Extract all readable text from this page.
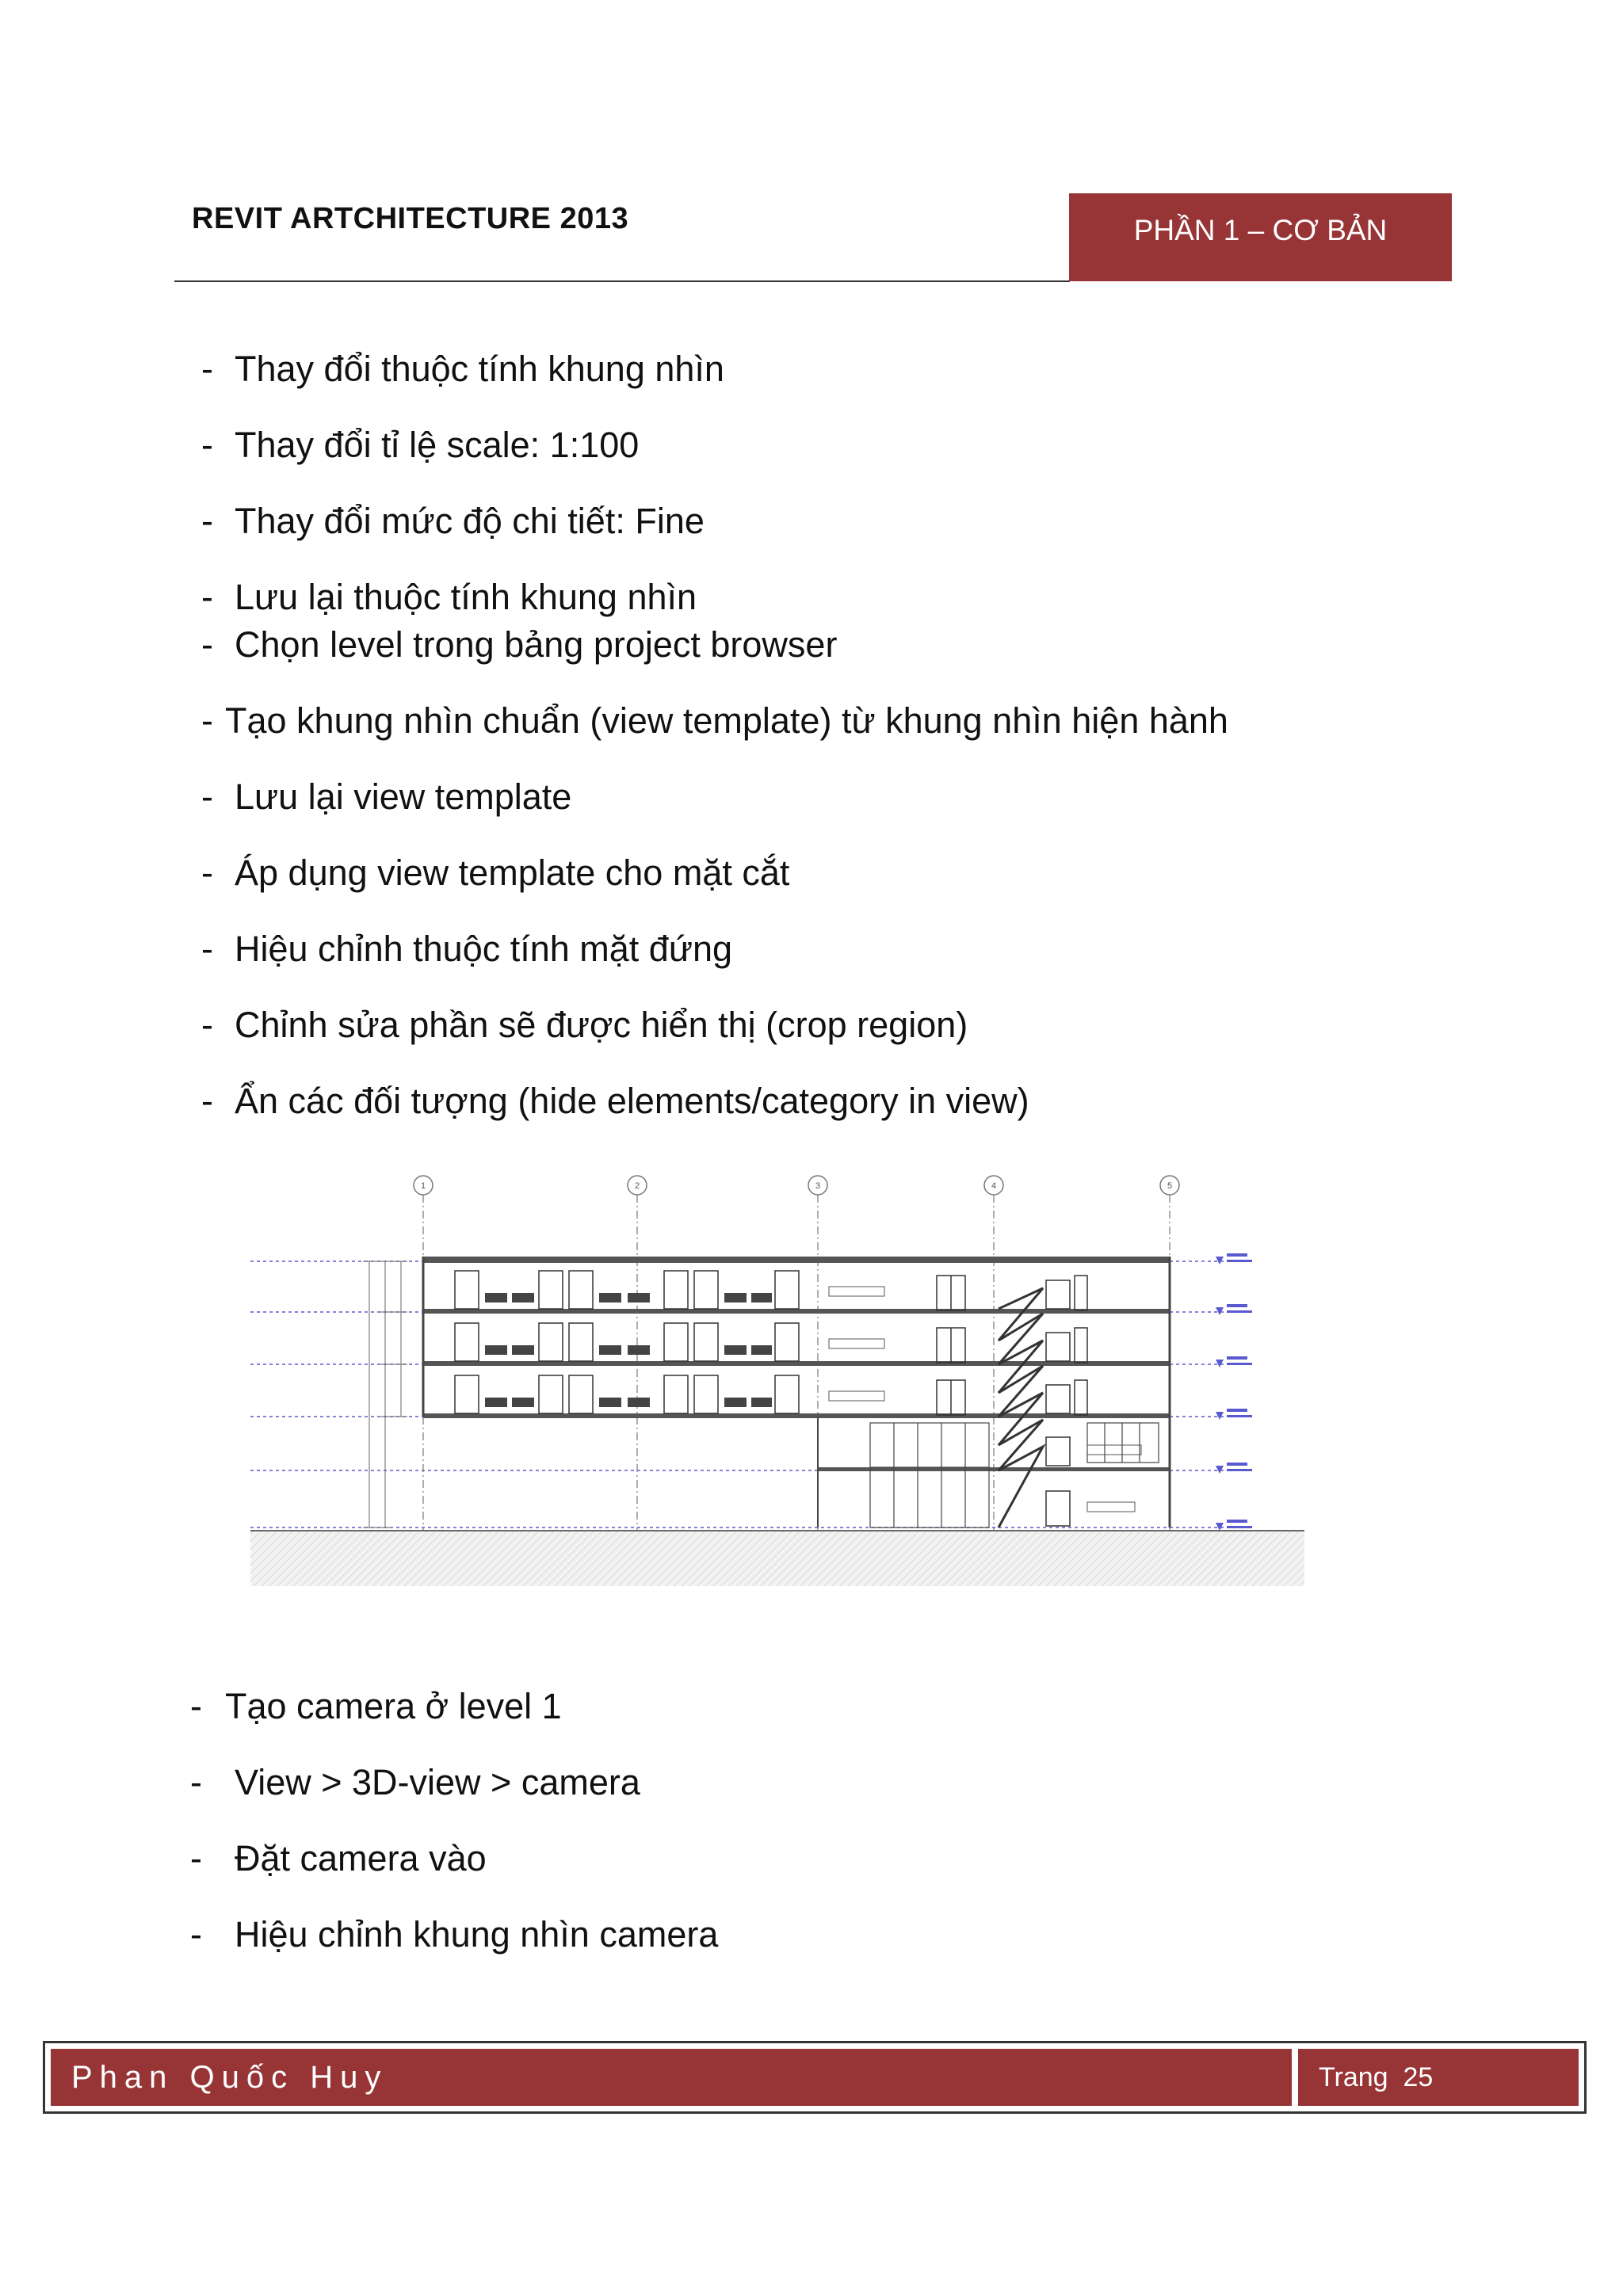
REVIT ARTCHITECTURE 2013	PHẦN 1 – CƠ BẢN
- Thay đổi thuộc tính khung nhìn
- Thay đổi tỉ lệ scale: 1:100
- Thay đổi mức độ chi tiết: Fine
- Lưu lại thuộc tính khung nhìn
- Chọn level trong bảng project browser
- Tạo khung nhìn chuẩn (view template) từ khung nhìn hiện hành
- Lưu lại view template
- Áp dụng view template cho mặt cắt
- Hiệu chỉnh thuộc tính mặt đứng
- Chỉnh sửa phần sẽ được hiển thị (crop region)
- Ẩn các đối tượng (hide elements/category in view)
1	2	3	4	5
- Tạo camera ở level 1
- View > 3D-view > camera
- Đặt camera vào
- Hiệu chỉnh khung nhìn camera
Phan Quốc Huy	Trang  25
